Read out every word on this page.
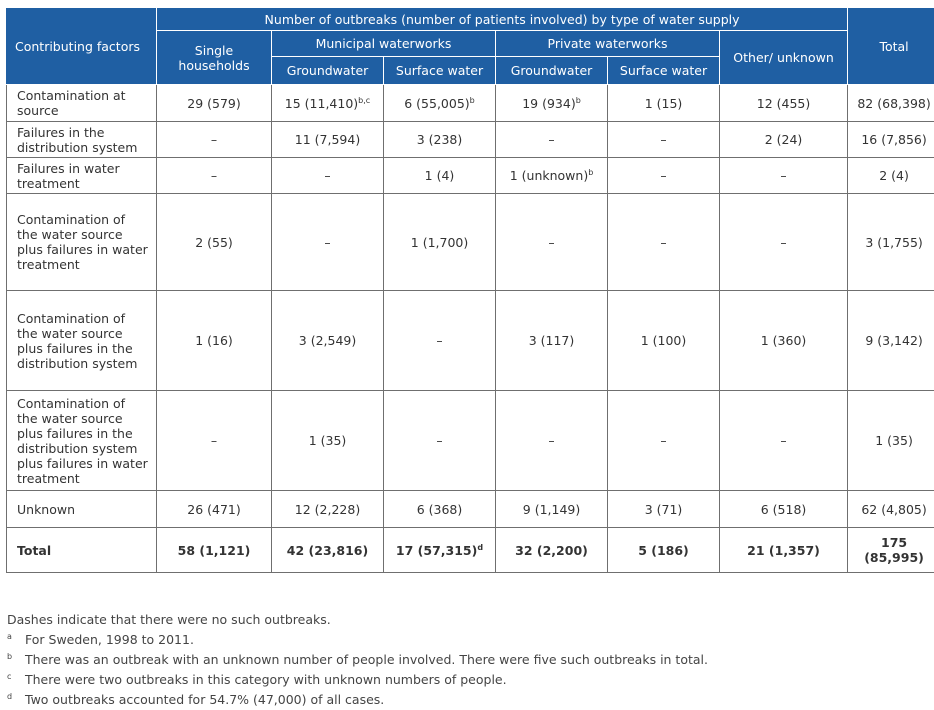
Contributing factors	Number of outbreaks (number of patients involved) by type of water supply						Total
	Single households	Municipal waterworks		Private waterworks		Other/ unknown	
		Groundwater	Surface water	Groundwater	Surface water		
Contamination at source	29 (579)	15 $(11,410)^{b,c}$	6 $(55,005)^b$	19 $(934)^b$	1 (15)	12 (455)	82 (68,398)
Failures in the distribution system	–	11 (7,594)	3 (238)	–	–	2 (24)	16 (7,856)
Failures in water treatment	–	–	1 (4)	1 (unknown)$^b$	–	–	2 (4)
Contamination of the water source plus failures in water treatment	2 (55)	–	1 (1,700)	–	–	–	3 (1,755)
Contamination of the water source plus failures in the distribution system	1 (16)	3 (2,549)	–	3 (117)	1 (100)	1 (360)	9 (3,142)
Contamination of the water source plus failures in the distribution system plus failures in water treatment	–	1 (35)	–	–	–	–	1 (35)
Unknown	26 (471)	12 (2,228)	6 (368)	9 (1,149)	3 (71)	6 (518)	62 (4,805)
Total	58 (1,121)	42 (23,816)	17 $(57,315)^d$	32 (2,200)	5 (186)	21 (1,357)	175 (85,995)
Dashes indicate that there were no such outbreaks.
a For Sweden, 1998 to 2011.
b There was an outbreak with an unknown number of people involved. There were five such outbreaks in total.
c There were two outbreaks in this category with unknown numbers of people.
d Two outbreaks accounted for 54.7% (47,000) of all cases.
